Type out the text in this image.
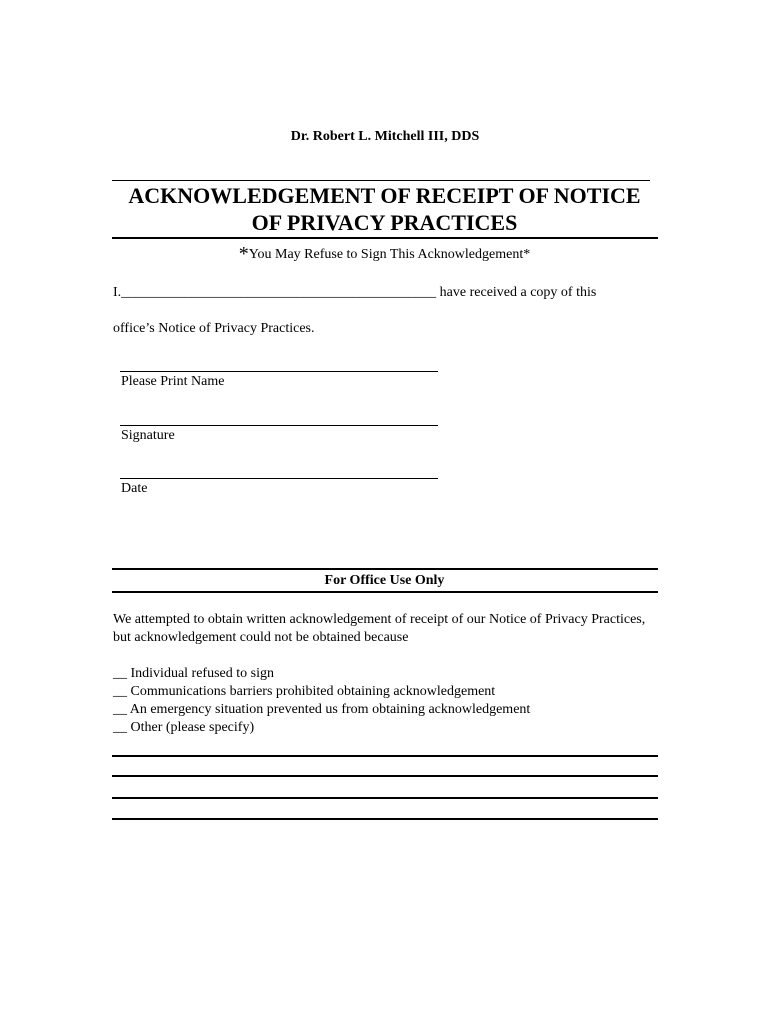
Dr. Robert L. Mitchell III, DDS
ACKNOWLEDGEMENT OF RECEIPT OF NOTICE
OF PRIVACY PRACTICES
*You May Refuse to Sign This Acknowledgement*
I._____________________________________________ have received a copy of this
office’s Notice of Privacy Practices.
Please Print Name
Signature
Date
For Office Use Only
We attempted to obtain written acknowledgement of receipt of our Notice of Privacy Practices, but acknowledgement could not be obtained because
__ Individual refused to sign
__ Communications barriers prohibited obtaining acknowledgement
__ An emergency situation prevented us from obtaining acknowledgement
__ Other (please specify)
